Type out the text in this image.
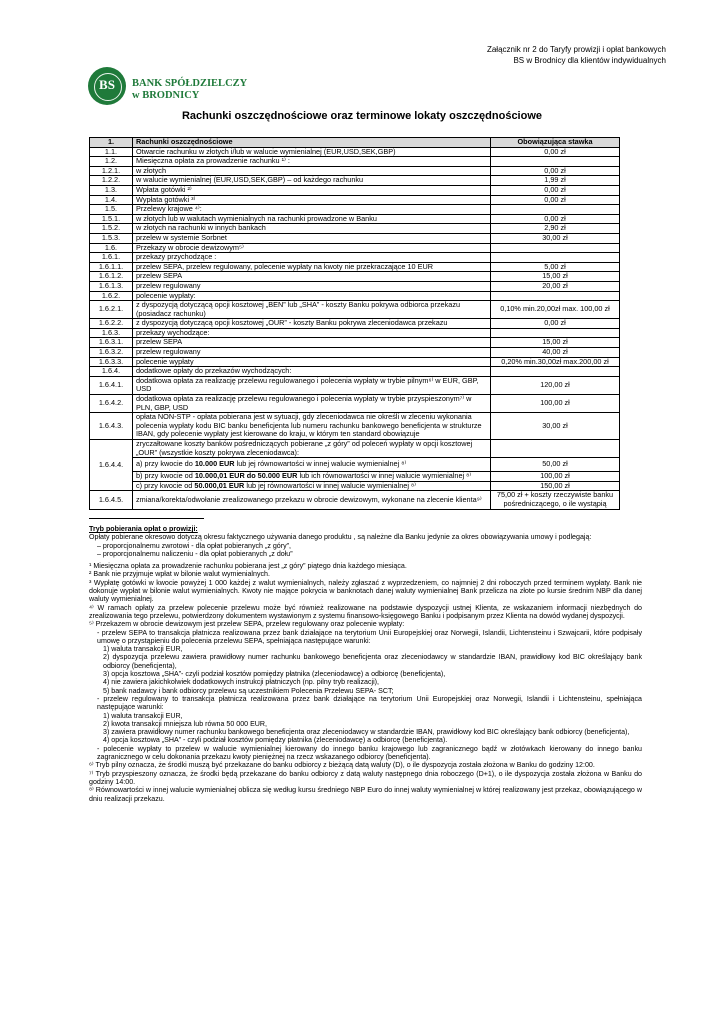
Załącznik nr 2 do Taryfy prowizji i opłat bankowych
BS w Brodnicy dla klientów indywidualnych
BS	BANK SPÓŁDZIELCZY
w BRODNICY
Rachunki oszczędnościowe oraz terminowe lokaty oszczędnościowe
1.	Rachunki oszczędnościowe	Obowiązująca stawka
1.1.	Otwarcie rachunku w złotych i/lub w walucie wymienialnej (EUR,USD,SEK,GBP)	0,00 zł
1.2.	Miesięczna opłata za prowadzenie rachunku ¹⁾ :	
1.2.1.	w złotych	0,00 zł
1.2.2.	w walucie wymienialnej (EUR,USD,SEK,GBP) – od każdego rachunku	1,99 zł
1.3.	Wpłata gotówki ²⁾	0,00 zł
1.4.	Wypłata gotówki ³⁾	0,00 zł
1.5.	Przelewy krajowe ⁴⁾:	
1.5.1.	w złotych lub w walutach wymienialnych na rachunki prowadzone w Banku	0,00 zł
1.5.2.	w złotych na rachunki w innych bankach	2,90 zł
1.5.3.	przelew w systemie Sorbnet	30,00 zł
1.6.	Przekazy w obrocie dewizowym⁵⁾	
1.6.1.	przekazy przychodzące :	
1.6.1.1.	przelew SEPA, przelew regulowany, polecenie wypłaty na kwoty nie przekraczające 10 EUR	5,00 zł
1.6.1.2.	przelew SEPA	15,00 zł
1.6.1.3.	przelew regulowany	20,00 zł
1.6.2.	polecenie wypłaty:	
1.6.2.1.	z dyspozycją dotyczącą opcji kosztowej „BEN” lub „SHA” - koszty Banku pokrywa odbiorca przekazu (posiadacz rachunku)	0,10% min.20,00zł max. 100,00 zł
1.6.2.2.	z dyspozycją dotyczącą opcji kosztowej „OUR” - koszty Banku pokrywa zleceniodawca przekazu	0,00 zł
1.6.3.	przekazy wychodzące:	
1.6.3.1.	przelew SEPA	15,00 zł
1.6.3.2.	przelew regulowany	40,00 zł
1.6.3.3.	polecenie wypłaty	0,20% min.30,00zł max.200,00 zł
1.6.4.	dodatkowe opłaty do przekazów wychodzących:	
1.6.4.1.	dodatkowa opłata za realizację przelewu regulowanego i polecenia wypłaty w trybie pilnym⁶⁾ w EUR, GBP, USD	120,00 zł
1.6.4.2.	dodatkowa opłata za realizację przelewu regulowanego i polecenia wypłaty w trybie przyspieszonym⁷⁾ w PLN, GBP, USD	100,00 zł
1.6.4.3.	opłata NON-STP - opłata pobierana jest w sytuacji, gdy zleceniodawca nie określi w zleceniu wykonania polecenia wypłaty kodu BIC banku beneficjenta lub numeru rachunku bankowego beneficjenta w strukturze IBAN, gdy polecenie wypłaty jest kierowane do kraju, w którym ten standard obowiązuje	30,00 zł
1.6.4.4.	zryczałtowane koszty banków pośredniczących pobierane „z góry” od poleceń wypłaty w opcji kosztowej „OUR” (wszystkie koszty pokrywa zleceniodawca):	
	a) przy kwocie do 10.000 EUR lub jej równowartości w innej walucie wymienialnej ⁸⁾	50,00 zł
	b) przy kwocie od 10.000,01 EUR do 50.000 EUR lub ich równowartości w innej walucie wymienialnej ⁸⁾	100,00 zł
	c) przy kwocie od 50.000,01 EUR lub jej równowartości w innej walucie wymienialnej ⁸⁾	150,00 zł
1.6.4.5.	zmiana/korekta/odwołanie zrealizowanego przekazu w obrocie dewizowym, wykonane na zlecenie klienta⁹⁾	75,00 zł + koszty rzeczywiste banku pośredniczącego, o ile wystąpią

Tryb pobierania opłat o prowizji:

Opłaty pobierane okresowo dotyczą okresu faktycznego używania danego produktu , są należne dla Banku jedynie za okres obowiązywania umowy i podlegają:

– proporcjonalnemu zwrotowi - dla opłat pobieranych „z góry”,

– proporcjonalnemu naliczeniu - dla opłat pobieranych „z dołu”

¹ Miesięczna opłata za prowadzenie rachunku pobierana jest „z góry” piątego dnia każdego miesiąca.

² Bank nie przyjmuje wpłat w bilonie walut wymienialnych.

³ Wypłatę gotówki w kwocie powyżej 1 000 każdej z walut wymienialnych, należy zgłaszać z wyprzedzeniem, co najmniej 2 dni roboczych przed terminem wypłaty. Bank nie dokonuje wypłat w bilonie walut wymienialnych. Kwoty nie mające pokrycia w banknotach danej waluty wymienialnej Bank przelicza na złote po kursie średnim NBP dla danej waluty wymienialnej.

⁴⁾ W ramach opłaty za przelew polecenie przelewu może być również realizowane na podstawie dyspozycji ustnej Klienta, ze wskazaniem informacji niezbędnych do zrealizowania tego przelewu, potwierdzony dokumentem wystawionym z systemu finansowo-księgowego Banku i podpisanym przez Klienta na dowód wydanej dyspozycji.

⁵⁾ Przekazem w obrocie dewizowym jest przelew SEPA, przelew regulowany oraz polecenie wypłaty:

- przelew SEPA to transakcja płatnicza realizowana przez bank działające na terytorium Unii Europejskiej oraz Norwegii, Islandii, Lichtensteinu i Szwajcarii, które podpisały umowę o przystąpieniu do polecenia przelewu SEPA, spełniająca następujące warunki:

1) waluta transakcji EUR,

2) dyspozycja przelewu zawiera prawidłowy numer rachunku bankowego beneficjenta oraz zleceniodawcy w standardzie IBAN, prawidłowy kod BIC określający bank odbiorcy (beneficjenta),

3) opcja kosztowa „SHA”- czyli podział kosztów pomiędzy płatnika (zleceniodawcę) a odbiorcę (beneficjenta),

4) nie zawiera jakichkolwiek dodatkowych instrukcji płatniczych (np. pilny tryb realizacji),

5) bank nadawcy i bank odbiorcy przelewu są uczestnikiem Polecenia Przelewu SEPA- SCT;

- przelew regulowany to transakcja płatnicza realizowana przez bank działające na terytorium Unii Europejskiej oraz Norwegii, Islandii i Lichtensteinu, spełniająca następujące warunki:

1) waluta transakcji EUR,

2) kwota transakcji mniejsza lub równa 50 000 EUR,

3) zawiera prawidłowy numer rachunku bankowego beneficjenta oraz zleceniodawcy w standardzie IBAN, prawidłowy kod BIC określający bank odbiorcy (beneficjenta),

4) opcja kosztowa „SHA” - czyli podział kosztów pomiędzy płatnika (zleceniodawcę) a odbiorcę (beneficjenta).

- polecenie wypłaty to przelew w walucie wymienialnej kierowany do innego banku krajowego lub zagranicznego bądź w złotówkach kierowany do innego banku zagranicznego w celu dokonania przekazu kwoty pieniężnej na rzecz wskazanego odbiorcy (beneficjenta).

⁶⁾ Tryb pilny oznacza, że środki muszą być przekazane do banku odbiorcy z bieżącą datą waluty (D), o ile dyspozycja została złożona w Banku do godziny 12:00.

⁷⁾ Tryb przyspieszony oznacza, że środki będą przekazane do banku odbiorcy z datą waluty następnego dnia roboczego (D+1), o ile dyspozycja została złożona w Banku do godziny 14:00.

⁸⁾ Równowartości w innej walucie wymienialnej oblicza się według kursu średniego NBP Euro do innej waluty wymienialnej w której realizowany jest przekaz, obowiązującego w dniu realizacji przekazu.
